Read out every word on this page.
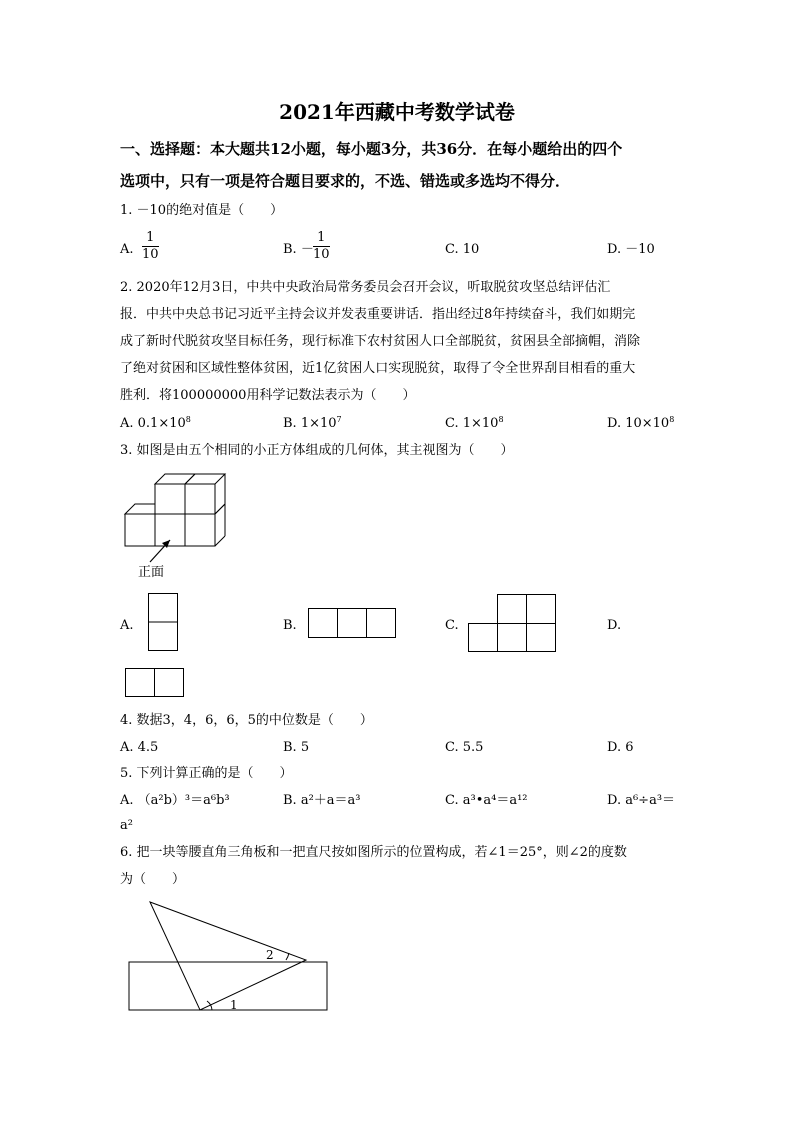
2021年西藏中考数学试卷
一、选择题：本大题共12小题，每小题3分，共36分．在每小题给出的四个
选项中，只有一项是符合题目要求的，不选、错选或多选均不得分．
1. －10的绝对值是（　　）
A. $\frac{1}{10}$	B. － $\frac{1}{10}$	C. 10	D. －10
2. 2020年12月3日，中共中央政治局常务委员会召开会议，听取脱贫攻坚总结评估汇
报．中共中央总书记习近平主持会议并发表重要讲话．指出经过8年持续奋斗，我们如期完
成了新时代脱贫攻坚目标任务，现行标准下农村贫困人口全部脱贫，贫困县全部摘帽，消除
了绝对贫困和区域性整体贫困，近1亿贫困人口实现脱贫，取得了令全世界刮目相看的重大
胜利．将100000000用科学记数法表示为（　　）
A. $0.1\times 10^8$	B. $1\times 10^7$	C. $1\times 10^8$	D. $10\times 10^8$
3. 如图是由五个相同的小正方体组成的几何体，其主视图为（　　）
正面
A.	B.	C.	D.
4. 数据3，4，6，6，5的中位数是（　　）
A. 4.5	B. 5	C. 5.5	D. 6
5. 下列计算正确的是（　　）
A. （a²b）³＝a⁶b³	B. a²＋a＝a³	C. a³•a⁴＝a¹²	D. a⁶÷a³＝
a²
6. 把一块等腰直角三角板和一把直尺按如图所示的位置构成，若∠1＝25°，则∠2的度数
为（　　）
1
2
